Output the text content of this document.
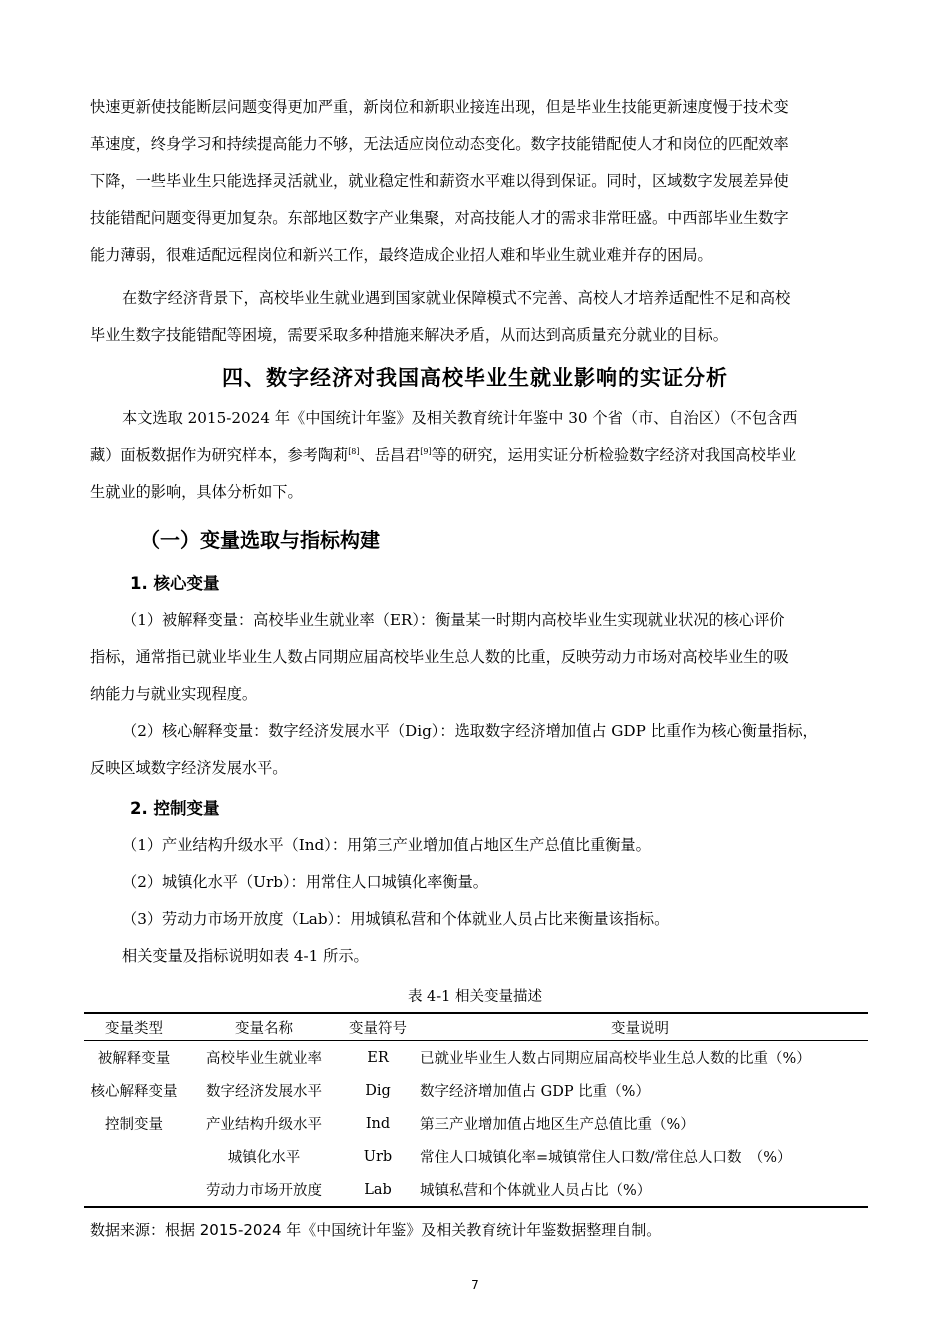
快速更新使技能断层问题变得更加严重，新岗位和新职业接连出现，但是毕业生技能更新速度慢于技术变
革速度，终身学习和持续提高能力不够，无法适应岗位动态变化。数字技能错配使人才和岗位的匹配效率
下降，一些毕业生只能选择灵活就业，就业稳定性和薪资水平难以得到保证。同时，区域数字发展差异使
技能错配问题变得更加复杂。东部地区数字产业集聚，对高技能人才的需求非常旺盛。中西部毕业生数字
能力薄弱，很难适配远程岗位和新兴工作，最终造成企业招人难和毕业生就业难并存的困局。
在数字经济背景下，高校毕业生就业遇到国家就业保障模式不完善、高校人才培养适配性不足和高校
毕业生数字技能错配等困境，需要采取多种措施来解决矛盾，从而达到高质量充分就业的目标。
四、数字经济对我国高校毕业生就业影响的实证分析
本文选取 2015-2024 年《中国统计年鉴》及相关教育统计年鉴中 30 个省（市、自治区）（不包含西
藏）面板数据作为研究样本，参考陶莉[8]、岳昌君[9]等的研究，运用实证分析检验数字经济对我国高校毕业
生就业的影响，具体分析如下。
（一）变量选取与指标构建
1. 核心变量
（1）被解释变量：高校毕业生就业率（ER）：衡量某一时期内高校毕业生实现就业状况的核心评价
指标，通常指已就业毕业生人数占同期应届高校毕业生总人数的比重，反映劳动力市场对高校毕业生的吸
纳能力与就业实现程度。
（2）核心解释变量：数字经济发展水平（Dig）：选取数字经济增加值占 GDP 比重作为核心衡量指标，
反映区域数字经济发展水平。
2. 控制变量
（1）产业结构升级水平（Ind）：用第三产业增加值占地区生产总值比重衡量。
（2）城镇化水平（Urb）：用常住人口城镇化率衡量。
（3）劳动力市场开放度（Lab）：用城镇私营和个体就业人员占比来衡量该指标。
相关变量及指标说明如表 4-1 所示。
表 4-1 相关变量描述
变量类型	变量名称	变量符号	变量说明
被解释变量	高校毕业生就业率	ER	已就业毕业生人数占同期应届高校毕业生总人数的比重（%）
核心解释变量	数字经济发展水平	Dig	数字经济增加值占 GDP 比重（%）
控制变量	产业结构升级水平	Ind	第三产业增加值占地区生产总值比重（%）
	城镇化水平	Urb	常住人口城镇化率=城镇常住人口数/常住总人口数　（%）
	劳动力市场开放度	Lab	城镇私营和个体就业人员占比（%）
数据来源：根据 2015-2024 年《中国统计年鉴》及相关教育统计年鉴数据整理自制。
7
